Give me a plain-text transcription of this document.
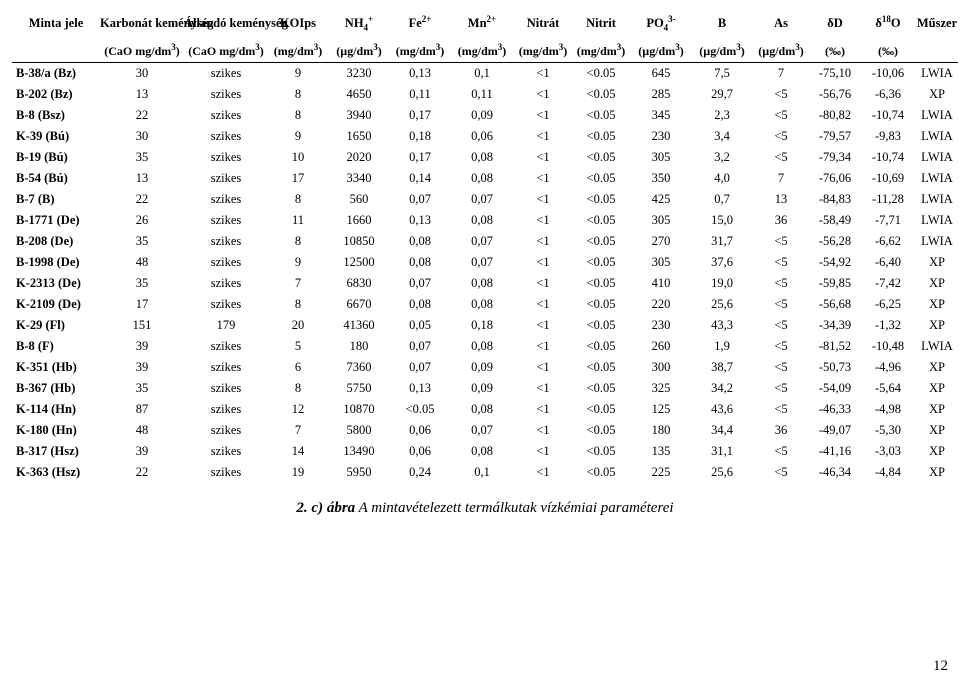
Minta jele	Karbonát keménység	Állandó keménység	KOIps	$NH_4^+$	$Fe^{2+}$	$Mn^{2+}$	Nitrát	Nitrit	$PO_4^{3-}$	B	As	δD	$\delta^{18}O$	Műszer
	(CaO $mg/dm^3$)	(CaO $mg/dm^3$)	$(mg/dm^3)$	$(\mu g/dm^3)$	$(mg/dm^3)$	$(mg/dm^3)$	$(mg/dm^3)$	$(mg/dm^3)$	$(\mu g/dm^3)$	$(\mu g/dm^3)$	$(\mu g/dm^3)$	(‰)	(‰)	
B-38/a (Bz)	30	szikes	9	3230	0,13	0,1	<1	<0.05	645	7,5	7	-75,10	-10,06	LWIA
B-202 (Bz)	13	szikes	8	4650	0,11	0,11	<1	<0.05	285	29,7	<5	-56,76	-6,36	XP
B-8 (Bsz)	22	szikes	8	3940	0,17	0,09	<1	<0.05	345	2,3	<5	-80,82	-10,74	LWIA
K-39 (Bú)	30	szikes	9	1650	0,18	0,06	<1	<0.05	230	3,4	<5	-79,57	-9,83	LWIA
B-19 (Bú)	35	szikes	10	2020	0,17	0,08	<1	<0.05	305	3,2	<5	-79,34	-10,74	LWIA
B-54 (Bú)	13	szikes	17	3340	0,14	0,08	<1	<0.05	350	4,0	7	-76,06	-10,69	LWIA
B-7 (B)	22	szikes	8	560	0,07	0,07	<1	<0.05	425	0,7	13	-84,83	-11,28	LWIA
B-1771 (De)	26	szikes	11	1660	0,13	0,08	<1	<0.05	305	15,0	36	-58,49	-7,71	LWIA
B-208 (De)	35	szikes	8	10850	0,08	0,07	<1	<0.05	270	31,7	<5	-56,28	-6,62	LWIA
B-1998 (De)	48	szikes	9	12500	0,08	0,07	<1	<0.05	305	37,6	<5	-54,92	-6,40	XP
K-2313 (De)	35	szikes	7	6830	0,07	0,08	<1	<0.05	410	19,0	<5	-59,85	-7,42	XP
K-2109 (De)	17	szikes	8	6670	0,08	0,08	<1	<0.05	220	25,6	<5	-56,68	-6,25	XP
K-29 (Fl)	151	179	20	41360	0,05	0,18	<1	<0.05	230	43,3	<5	-34,39	-1,32	XP
B-8 (F)	39	szikes	5	180	0,07	0,08	<1	<0.05	260	1,9	<5	-81,52	-10,48	LWIA
K-351 (Hb)	39	szikes	6	7360	0,07	0,09	<1	<0.05	300	38,7	<5	-50,73	-4,96	XP
B-367 (Hb)	35	szikes	8	5750	0,13	0,09	<1	<0.05	325	34,2	<5	-54,09	-5,64	XP
K-114 (Hn)	87	szikes	12	10870	<0.05	0,08	<1	<0.05	125	43,6	<5	-46,33	-4,98	XP
K-180 (Hn)	48	szikes	7	5800	0,06	0,07	<1	<0.05	180	34,4	36	-49,07	-5,30	XP
B-317 (Hsz)	39	szikes	14	13490	0,06	0,08	<1	<0.05	135	31,1	<5	-41,16	-3,03	XP
K-363 (Hsz)	22	szikes	19	5950	0,24	0,1	<1	<0.05	225	25,6	<5	-46,34	-4,84	XP
2. c) ábra A mintavételezett termálkutak vízkémiai paraméterei
12
